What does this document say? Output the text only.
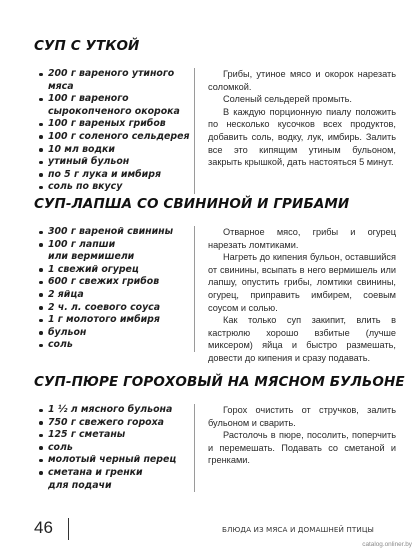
СУП С УТКОЙ
200 г вареного утиного
мяса
100 г вареного
сырокопченого окорока
100 г вареных грибов
100 г соленого сельдерея
10 мл водки
утиный бульон
по 5 г лука и имбиря
соль по вкусу

Грибы, утиное мясо и окорок нарезать соломкой.

Соленый сельдерей промыть.

В каждую порционную пиалу положить по несколько кусочков всех продуктов, добавить соль, водку, лук, имбирь. Залить все это кипящим утиным бульоном, закрыть крышкой, дать настояться 5 минут.

СУП-ЛАПША СО СВИНИНОЙ И ГРИБАМИ
300 г вареной свинины
100 г лапши
или вермишели
1 свежий огурец
600 г свежих грибов
2 яйца
2 ч. л. соевого соуса
1 г молотого имбиря
бульон
соль

Отварное мясо, грибы и огурец нарезать ломтиками.

Нагреть до кипения бульон, оставшийся от свинины, всыпать в него вермишель или лапшу, опустить грибы, ломтики свинины, огурец, приправить имбирем, соевым соусом и солью.

Как только суп закипит, влить в кастрюлю хорошо взбитые (лучше миксером) яйца и быстро размешать, довести до кипения и сразу подавать.

СУП-ПЮРЕ ГОРОХОВЫЙ НА МЯСНОМ БУЛЬОНЕ
1 ½ л мясного бульона
750 г свежего гороха
125 г сметаны
соль
молотый черный перец
сметана и гренки
для подачи

Горох очистить от стручков, залить бульоном и сварить.

Растолочь в пюре, посолить, поперчить и перемешать. Подавать со сметаной и гренками.

46	БЛЮДА ИЗ МЯСА И ДОМАШНЕЙ ПТИЦЫ
catalog.onliner.by
